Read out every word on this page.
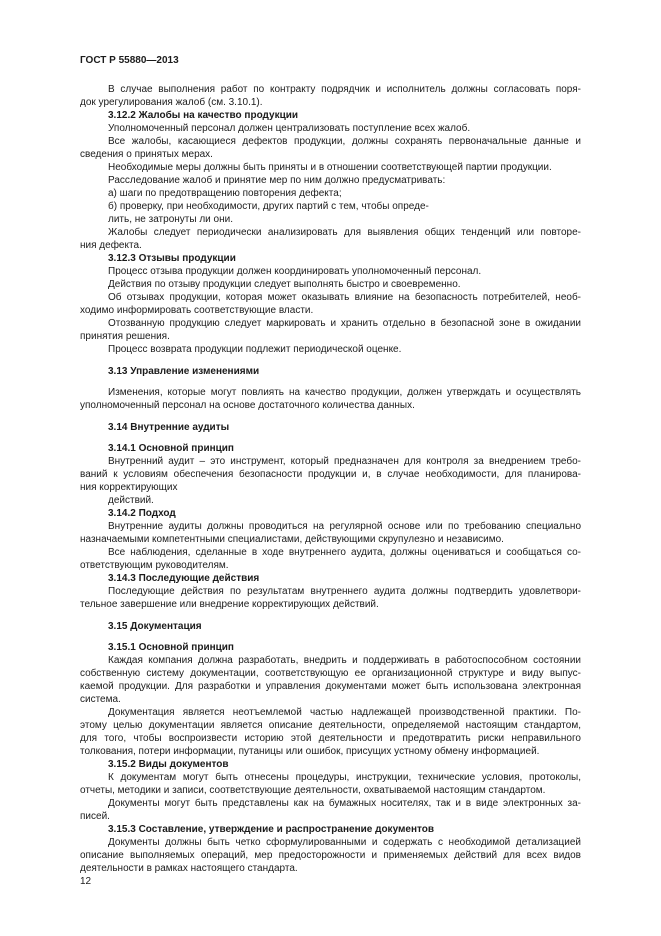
ГОСТ Р 55880—2013
В случае выполнения работ по контракту подрядчик и исполнитель должны согласовать поря-
док урегулирования жалоб (см. 3.10.1).
3.12.2 Жалобы на качество продукции
Уполномоченный персонал должен централизовать поступление всех жалоб.
Все жалобы, касающиеся дефектов продукции, должны сохранять первоначальные данные и
сведения о принятых мерах.
Необходимые меры должны быть приняты и в отношении соответствующей партии продукции.
Расследование жалоб и принятие мер по ним должно предусматривать:
а) шаги по предотвращению повторения дефекта;
б) проверку, при необходимости, других партий с тем, чтобы опреде-
лить, не затронуты ли они.
Жалобы следует периодически анализировать для выявления общих тенденций или повторе-
ния дефекта.
3.12.3 Отзывы продукции
Процесс отзыва продукции должен координировать уполномоченный персонал.
Действия по отзыву продукции следует выполнять быстро и своевременно.
Об отзывах продукции, которая может оказывать влияние на безопасность потребителей, необ-
ходимо информировать соответствующие власти.
Отозванную продукцию следует маркировать и хранить отдельно в безопасной зоне в ожидании
принятия решения.
Процесс возврата продукции подлежит периодической оценке.
3.13 Управление изменениями
Изменения, которые могут повлиять на качество продукции, должен утверждать и осуществлять
уполномоченный персонал на основе достаточного количества данных.
3.14 Внутренние аудиты
3.14.1 Основной принцип
Внутренний аудит – это инструмент, который предназначен для контроля за внедрением требо-
ваний к условиям обеспечения безопасности продукции и, в случае необходимости, для планирова-
ния корректирующих
действий.
3.14.2 Подход
Внутренние аудиты должны проводиться на регулярной основе или по требованию специально
назначаемыми компетентными специалистами, действующими скрупулезно и независимо.
Все наблюдения, сделанные в ходе внутреннего аудита, должны оцениваться и сообщаться со-
ответствующим руководителям.
3.14.3 Последующие действия
Последующие действия по результатам внутреннего аудита должны подтвердить удовлетвори-
тельное завершение или внедрение корректирующих действий.
3.15 Документация
3.15.1 Основной принцип
Каждая компания должна разработать, внедрить и поддерживать в работоспособном состоянии
собственную систему документации, соответствующую ее организационной структуре и виду выпус-
каемой продукции. Для разработки и управления документами может быть использована электронная
система.
Документация является неотъемлемой частью надлежащей производственной практики. По-
этому целью документации является описание деятельности, определяемой настоящим стандартом,
для того, чтобы воспроизвести историю этой деятельности и предотвратить риски неправильного
толкования, потери информации, путаницы или ошибок, присущих устному обмену информацией.
3.15.2 Виды документов
К документам могут быть отнесены процедуры, инструкции, технические условия, протоколы,
отчеты, методики и записи, соответствующие деятельности, охватываемой настоящим стандартом.
Документы могут быть представлены как на бумажных носителях, так и в виде электронных за-
писей.
3.15.3 Составление, утверждение и распространение документов
Документы должны быть четко сформулированными и содержать с необходимой детализацией
описание выполняемых операций, мер предосторожности и применяемых действий для всех видов
деятельности в рамках настоящего стандарта.
12
